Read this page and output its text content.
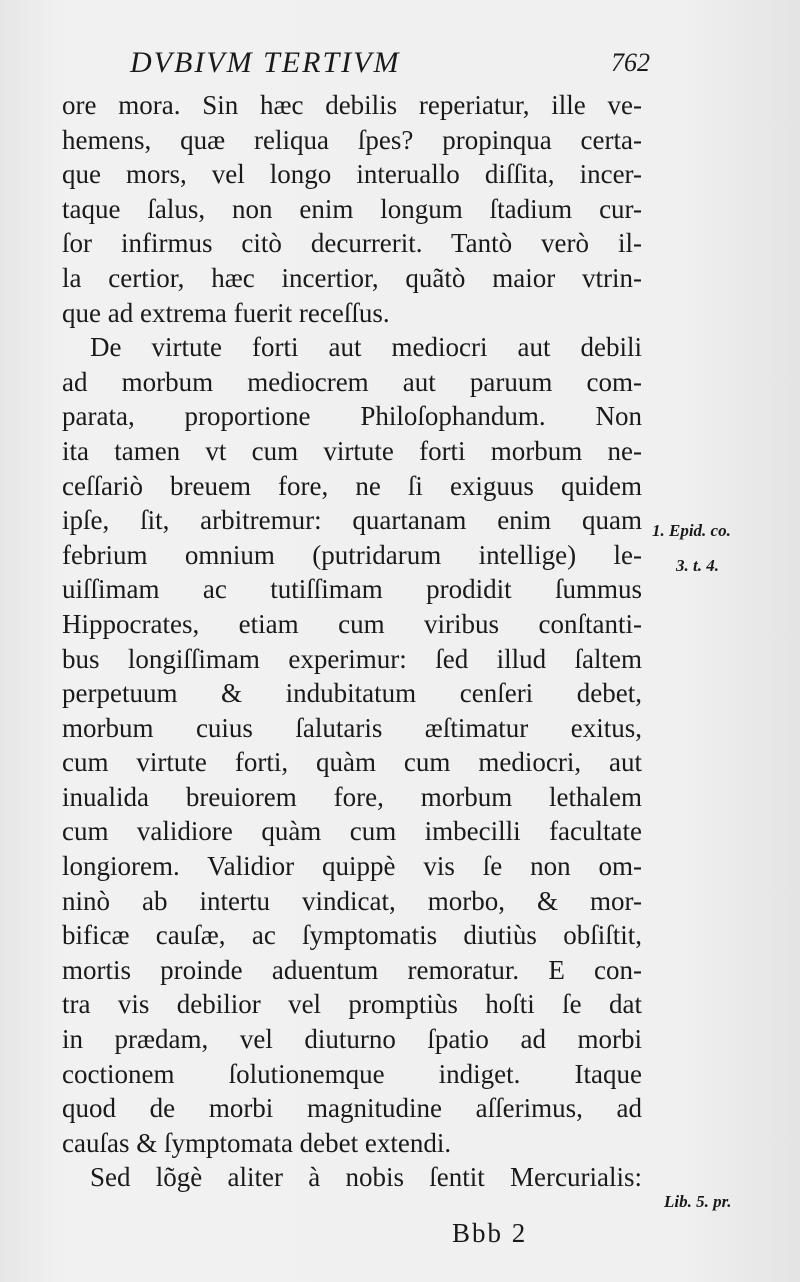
DVBIVM TERTIVM	762
ore mora. Sin hæc debilis reperiatur, ille ve-
hemens, quæ reliqua ſpes? propinqua certa-
que mors, vel longo interuallo diſſita, incer-
taque ſalus, non enim longum ſtadium cur-
ſor infirmus citò decurrerit. Tantò verò il-
la certior, hæc incertior, quãtò maior vtrin-
que ad extrema fuerit receſſus.
De virtute forti aut mediocri aut debili
ad morbum mediocrem aut paruum com-
parata, proportione Philoſophandum. Non
ita tamen vt cum virtute forti morbum ne-
ceſſariò breuem fore, ne ſi exiguus quidem
ipſe, ſit, arbitremur: quartanam enim quam
febrium omnium (putridarum intellige) le-
uiſſimam ac tutiſſimam prodidit ſummus
Hippocrates, etiam cum viribus conſtanti-
bus longiſſimam experimur: ſed illud ſaltem
perpetuum & indubitatum cenſeri debet,
morbum cuius ſalutaris æſtimatur exitus,
cum virtute forti, quàm cum mediocri, aut
inualida breuiorem fore, morbum lethalem
cum validiore quàm cum imbecilli facultate
longiorem. Validior quippè vis ſe non om-
ninò ab intertu vindicat, morbo, & mor-
bificæ cauſæ, ac ſymptomatis diutiùs obſiſtit,
mortis proinde aduentum remoratur. E con-
tra vis debilior vel promptiùs hoſti ſe dat
in prædam, vel diuturno ſpatio ad morbi
coctionem ſolutionemque indiget. Itaque
quod de morbi magnitudine aſſerimus, ad
cauſas & ſymptomata debet extendi.
Sed lõgè aliter à nobis ſentit Mercurialis:
1. Epid. co.
3. t. 4.
Lib. 5. pr.
Bbb 2
